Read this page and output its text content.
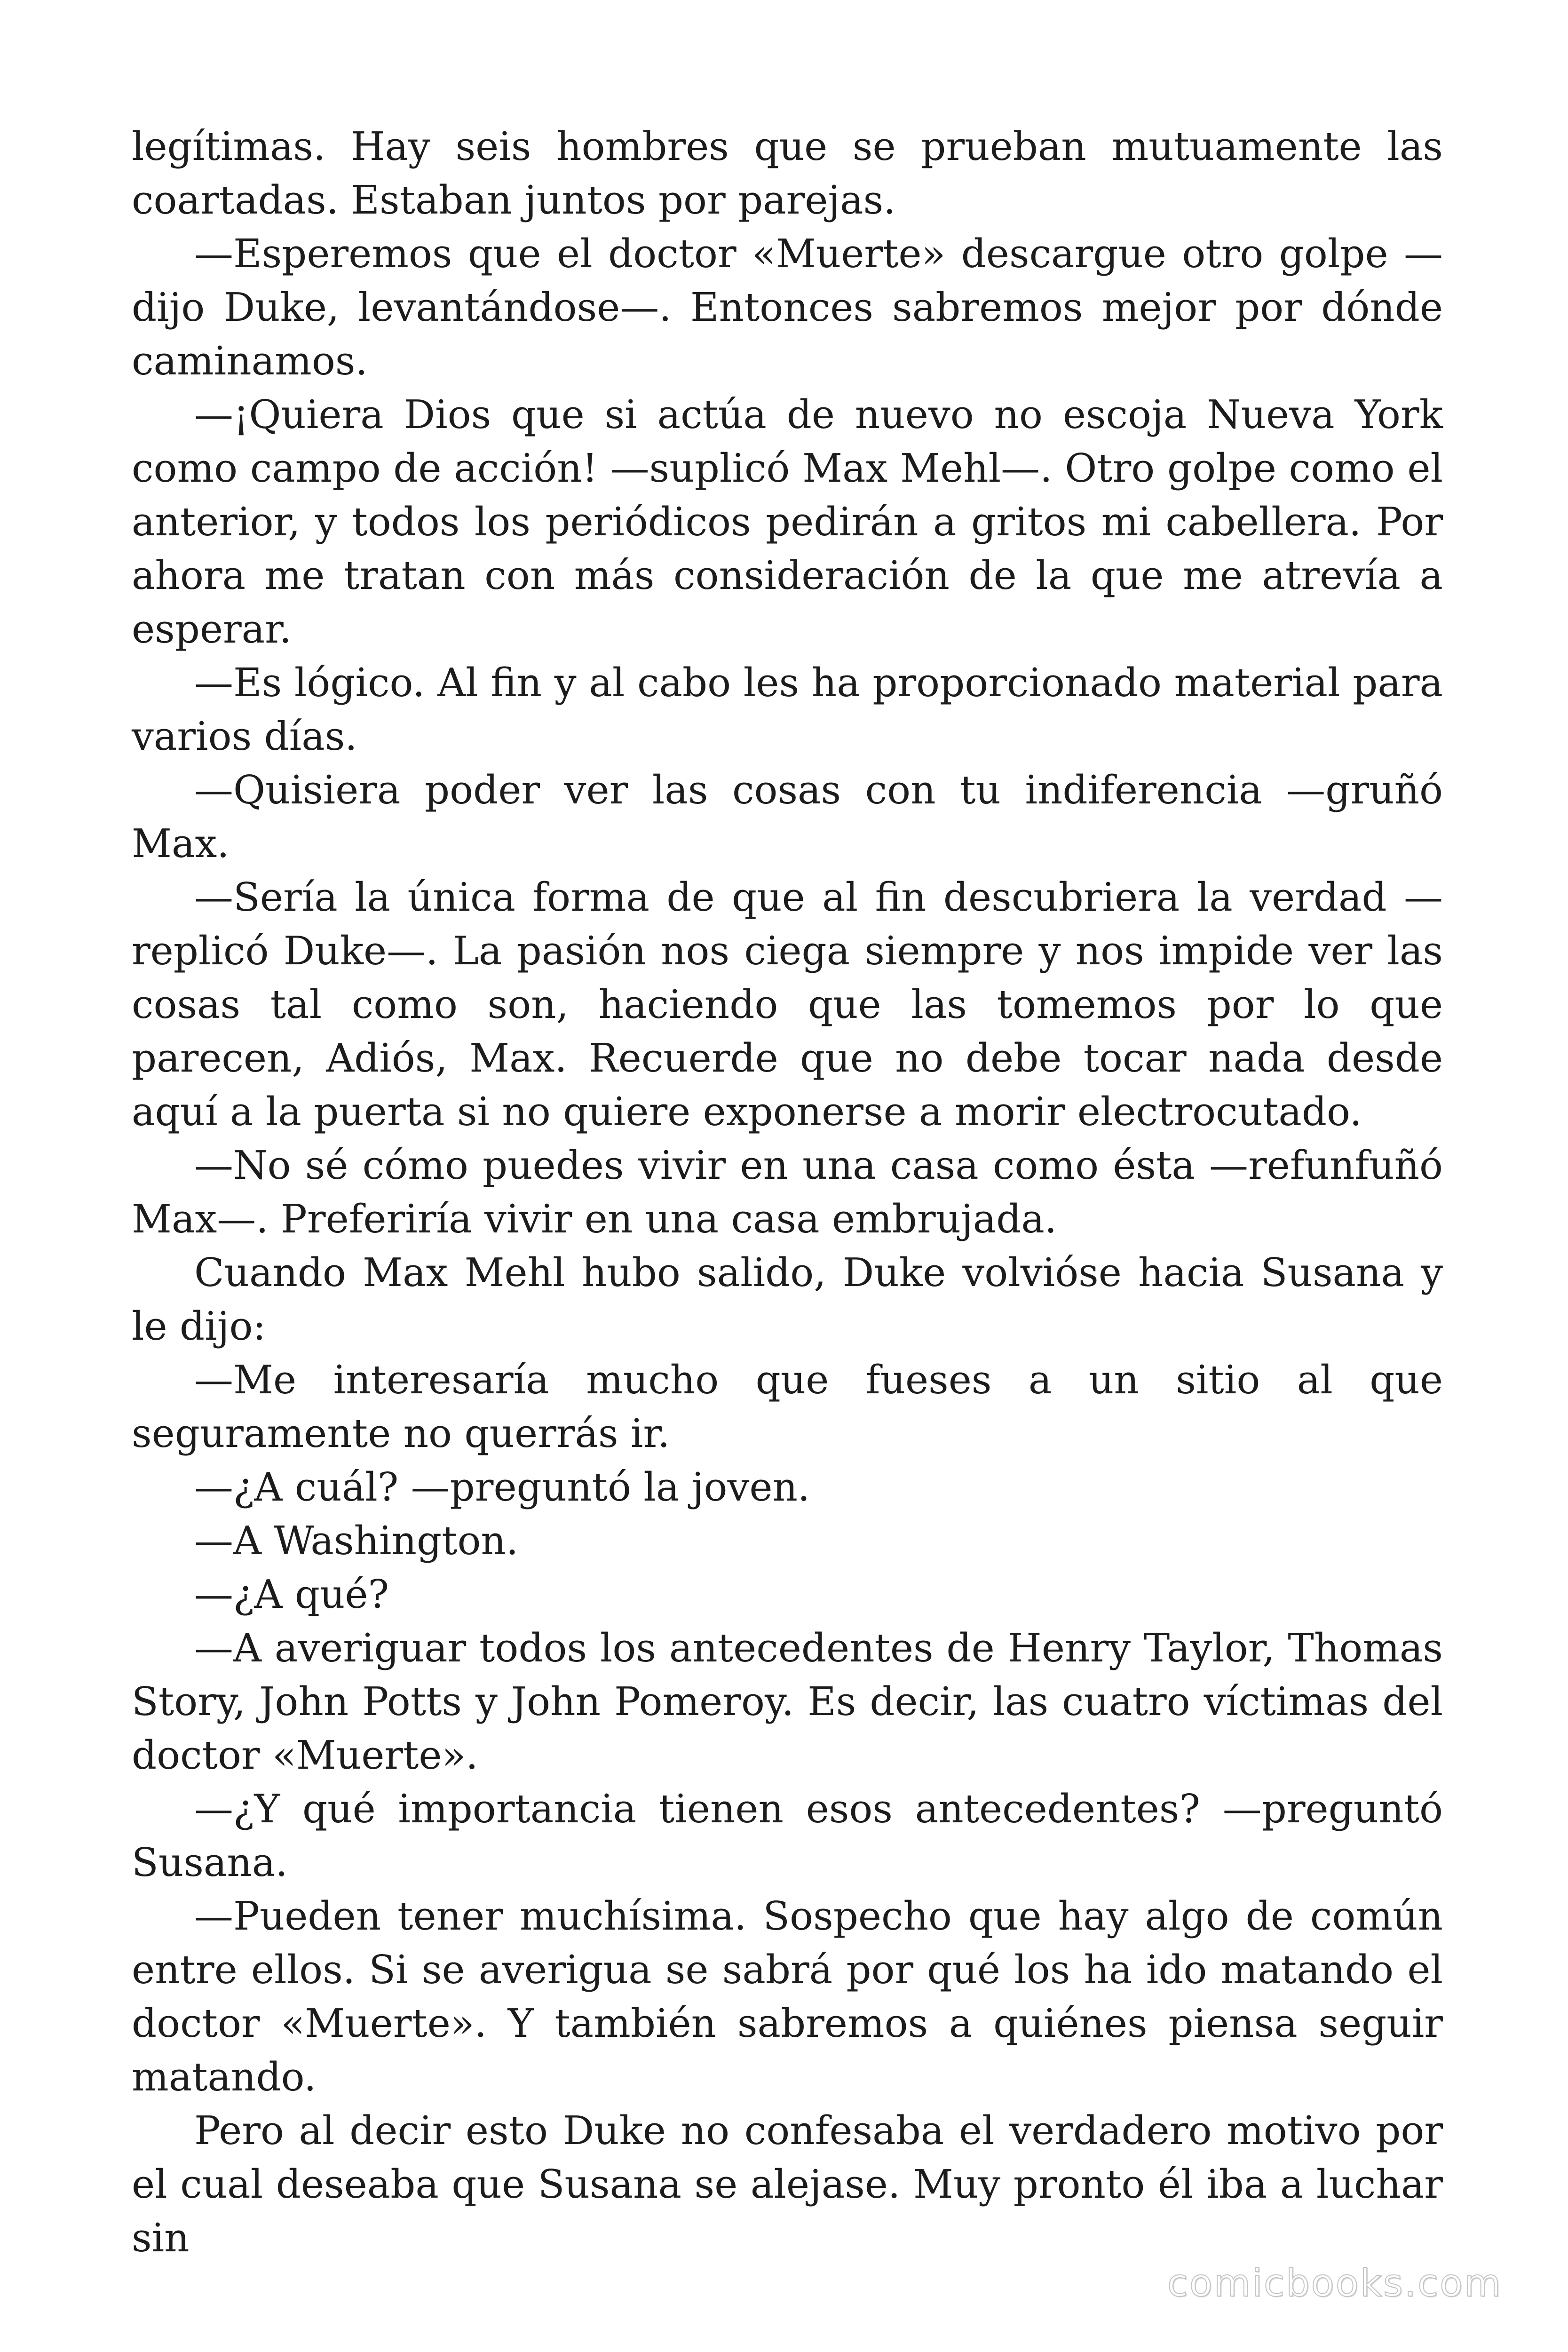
legítimas. Hay seis hombres que se prueban mutuamente las coartadas. Estaban juntos por parejas.

—Esperemos que el doctor «Muerte» descargue otro golpe —dijo Duke, levantándose—. Entonces sabremos mejor por dónde caminamos.

—¡Quiera Dios que si actúa de nuevo no escoja Nueva York como campo de acción! —suplicó Max Mehl—. Otro golpe como el anterior, y todos los periódicos pedirán a gritos mi cabellera. Por ahora me tratan con más consideración de la que me atrevía a esperar.

—Es lógico. Al fin y al cabo les ha proporcionado material para varios días.

—Quisiera poder ver las cosas con tu indiferencia —gruñó Max.

—Sería la única forma de que al fin descubriera la verdad —replicó Duke—. La pasión nos ciega siempre y nos impide ver las cosas tal como son, haciendo que las tomemos por lo que parecen, Adiós, Max. Recuerde que no debe tocar nada desde aquí a la puerta si no quiere exponerse a morir electrocutado.

—No sé cómo puedes vivir en una casa como ésta —refunfuñó Max—. Preferiría vivir en una casa embrujada.

Cuando Max Mehl hubo salido, Duke volvióse hacia Susana y le dijo:

—Me interesaría mucho que fueses a un sitio al que seguramente no querrás ir.

—¿A cuál? —preguntó la joven.

—A Washington.

—¿A qué?

—A averiguar todos los antecedentes de Henry Taylor, Thomas Story, John Potts y John Pomeroy. Es decir, las cuatro víctimas del doctor «Muerte».

—¿Y qué importancia tienen esos antecedentes? —preguntó Susana.

—Pueden tener muchísima. Sospecho que hay algo de común entre ellos. Si se averigua se sabrá por qué los ha ido matando el doctor «Muerte». Y también sabremos a quiénes piensa seguir matando.

Pero al decir esto Duke no confesaba el verdadero motivo por el cual deseaba que Susana se alejase. Muy pronto él iba a luchar sin

comicbooks.com
